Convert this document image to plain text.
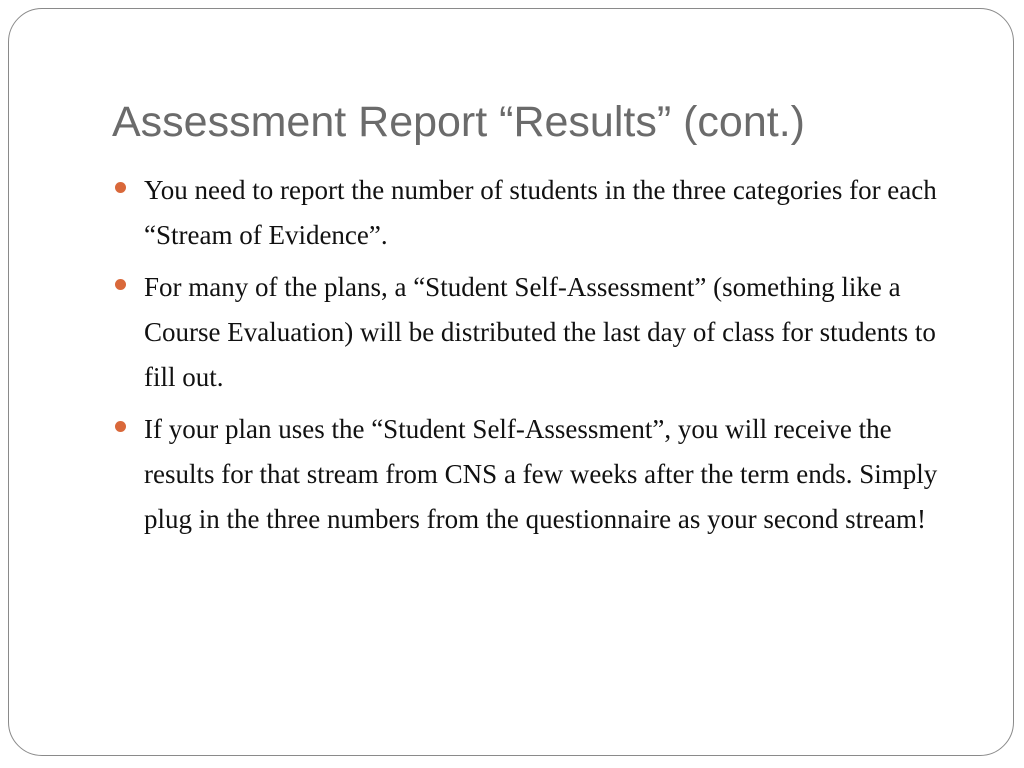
Assessment Report “Results” (cont.)
You need to report the number of students in the three categories for each “Stream of Evidence”.
For many of the plans, a “Student Self-Assessment” (something like a Course Evaluation) will be distributed the last day of class for students to fill out.
If your plan uses the “Student Self-Assessment”, you will receive the results for that stream from CNS a few weeks after the term ends. Simply plug in the three numbers from the questionnaire as your second stream!
